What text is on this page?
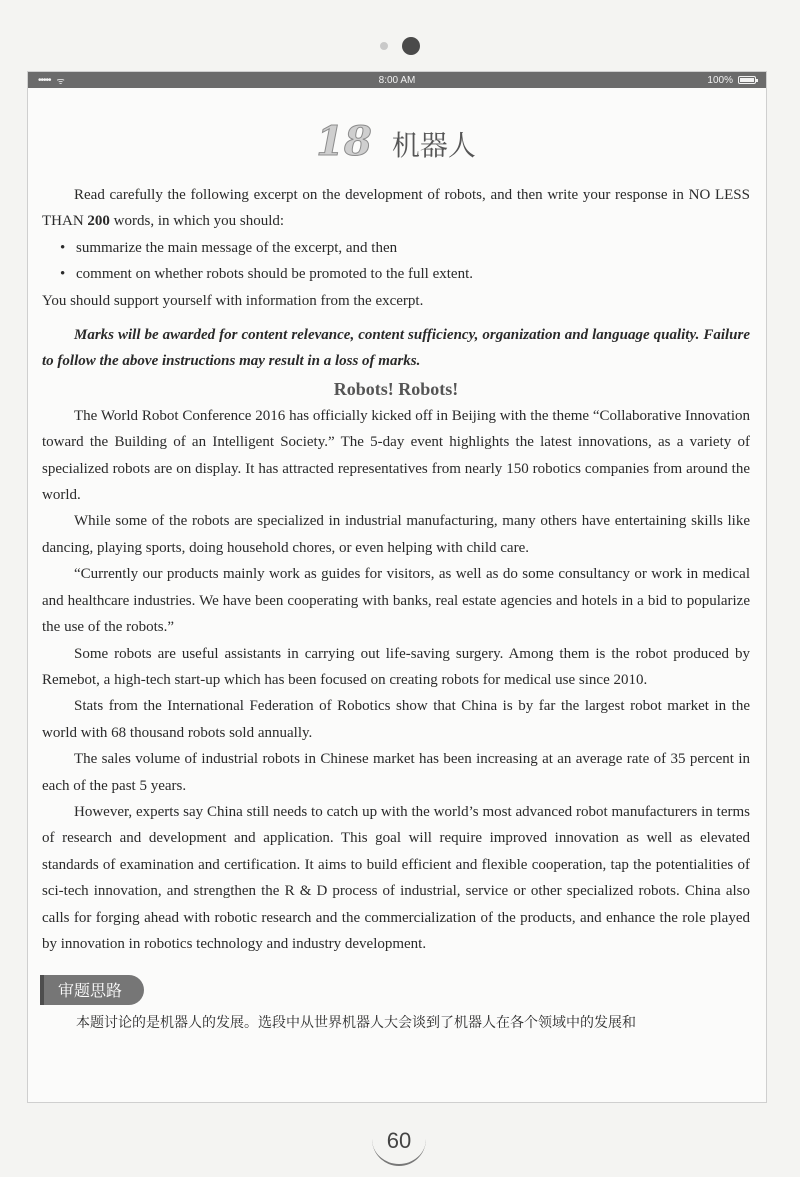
••••• ᯤ	8:00 AM	100%
18 机器人

Read carefully the following excerpt on the development of robots, and then write your response in NO LESS THAN 200 words, in which you should:

• summarize the main message of the excerpt, and then
• comment on whether robots should be promoted to the full extent.

You should support yourself with information from the excerpt.

Marks will be awarded for content relevance, content sufficiency, organization and language quality. Failure to follow the above instructions may result in a loss of marks.

Robots! Robots!

The World Robot Conference 2016 has officially kicked off in Beijing with the theme “Collaborative Innovation toward the Building of an Intelligent Society.” The 5-day event highlights the latest innovations, as a variety of specialized robots are on display. It has attracted representatives from nearly 150 robotics companies from around the world.

While some of the robots are specialized in industrial manufacturing, many others have entertaining skills like dancing, playing sports, doing household chores, or even helping with child care.

“Currently our products mainly work as guides for visitors, as well as do some consultancy or work in medical and healthcare industries. We have been cooperating with banks, real estate agencies and hotels in a bid to popularize the use of the robots.”

Some robots are useful assistants in carrying out life-saving surgery. Among them is the robot produced by Remebot, a high-tech start-up which has been focused on creating robots for medical use since 2010.

Stats from the International Federation of Robotics show that China is by far the largest robot market in the world with 68 thousand robots sold annually.

The sales volume of industrial robots in Chinese market has been increasing at an average rate of 35 percent in each of the past 5 years.

However, experts say China still needs to catch up with the world’s most advanced robot manufacturers in terms of research and development and application. This goal will require improved innovation as well as elevated standards of examination and certification. It aims to build efficient and flexible cooperation, tap the potentialities of sci-tech innovation, and strengthen the R & D process of industrial, service or other specialized robots. China also calls for forging ahead with robotic research and the commercialization of the products, and enhance the role played by innovation in robotics technology and industry development.

审题思路
本题讨论的是机器人的发展。选段中从世界机器人大会谈到了机器人在各个领域中的发展和
60
